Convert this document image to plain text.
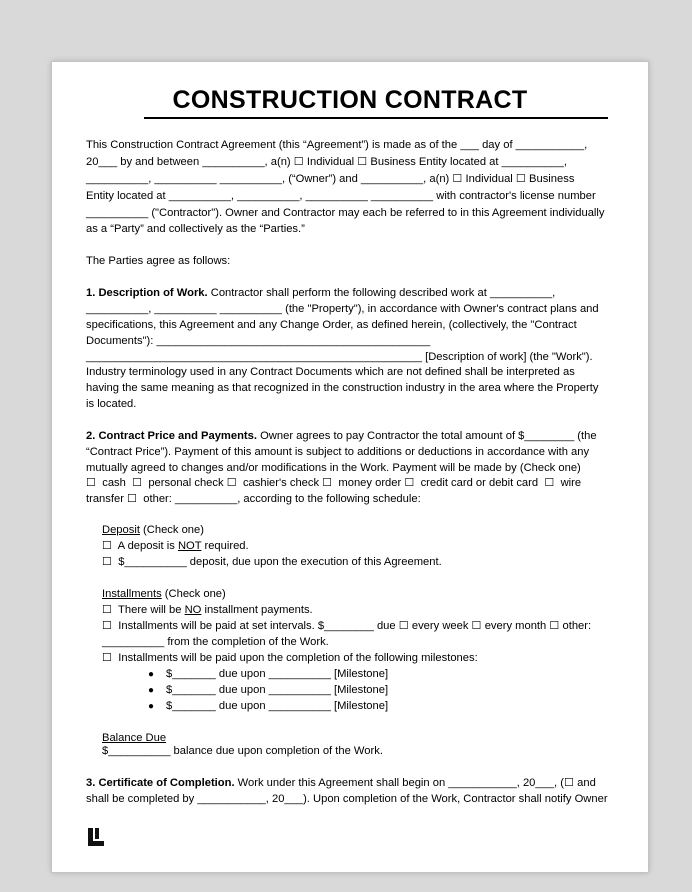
CONSTRUCTION CONTRACT
This Construction Contract Agreement (this “Agreement”) is made as of the ___ day of ___________,
20___ by and between __________, a(n) ☐ Individual ☐ Business Entity located at __________,
__________, __________ __________, (“Owner”) and __________, a(n) ☐ Individual ☐ Business
Entity located at __________, __________, __________ __________ with contractor's license number
__________ ("Contractor"). Owner and Contractor may each be referred to in this Agreement individually
as a “Party” and collectively as the “Parties.”
The Parties agree as follows:
1. Description of Work. Contractor shall perform the following described work at __________,
__________, __________ __________ (the "Property"), in accordance with Owner's contract plans and
specifications, this Agreement and any Change Order, as defined herein, (collectively, the "Contract
Documents"): ____________________________________________
______________________________________________________ [Description of work] (the "Work").
Industry terminology used in any Contract Documents which are not defined shall be interpreted as
having the same meaning as that recognized in the construction industry in the area where the Property
is located.
2. Contract Price and Payments. Owner agrees to pay Contractor the total amount of $________ (the
“Contract Price”). Payment of this amount is subject to additions or deductions in accordance with any
mutually agreed to changes and/or modifications in the Work. Payment will be made by (Check one)
☐  cash  ☐  personal check ☐  cashier's check ☐  money order ☐  credit card or debit card  ☐  wire
transfer ☐  other: __________, according to the following schedule:
Deposit (Check one)
☐  A deposit is NOT required.
☐  $__________ deposit, due upon the execution of this Agreement.
Installments (Check one)
☐  There will be NO installment payments.
☐  Installments will be paid at set intervals. $________ due ☐ every week ☐ every month ☐ other:
__________ from the completion of the Work.
☐  Installments will be paid upon the completion of the following milestones:
● $_______ due upon __________ [Milestone]
● $_______ due upon __________ [Milestone]
● $_______ due upon __________ [Milestone]
Balance Due
$__________ balance due upon completion of the Work.
3. Certificate of Completion. Work under this Agreement shall begin on ___________, 20___, (☐ and
shall be completed by ___________, 20___). Upon completion of the Work, Contractor shall notify Owner
